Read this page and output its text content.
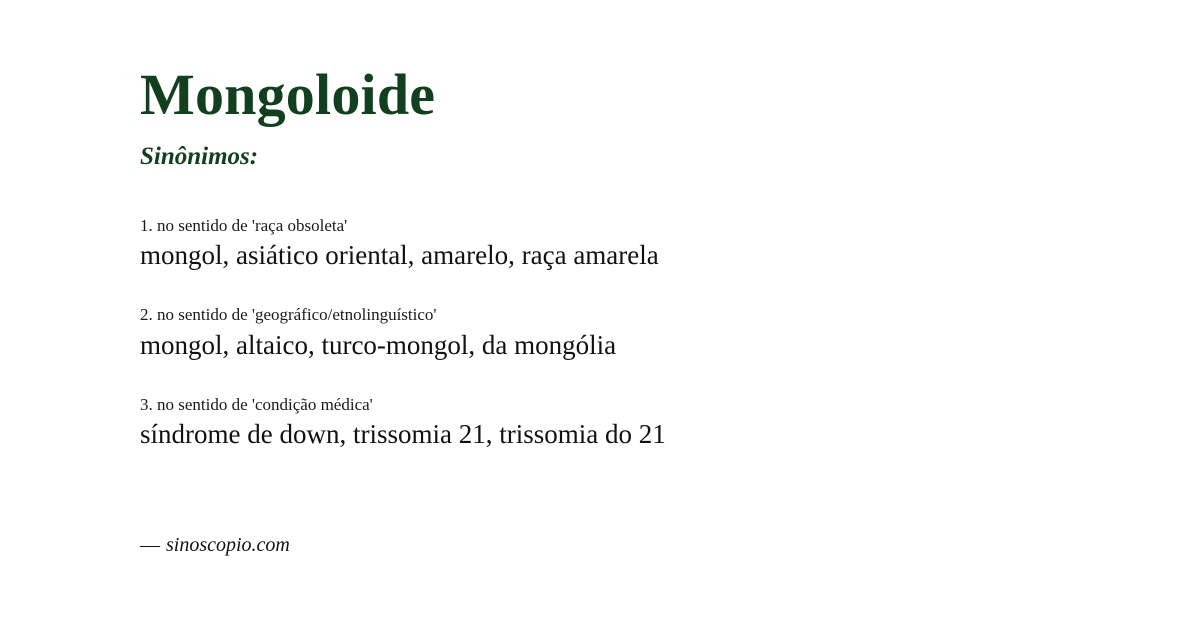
Mongoloide
Sinônimos:

1. no sentido de 'raça obsoleta'

mongol, asiático oriental, amarelo, raça amarela

2. no sentido de 'geográfico/etnolinguístico'

mongol, altaico, turco-mongol, da mongólia

3. no sentido de 'condição médica'

síndrome de down, trissomia 21, trissomia do 21

— sinoscopio.com
